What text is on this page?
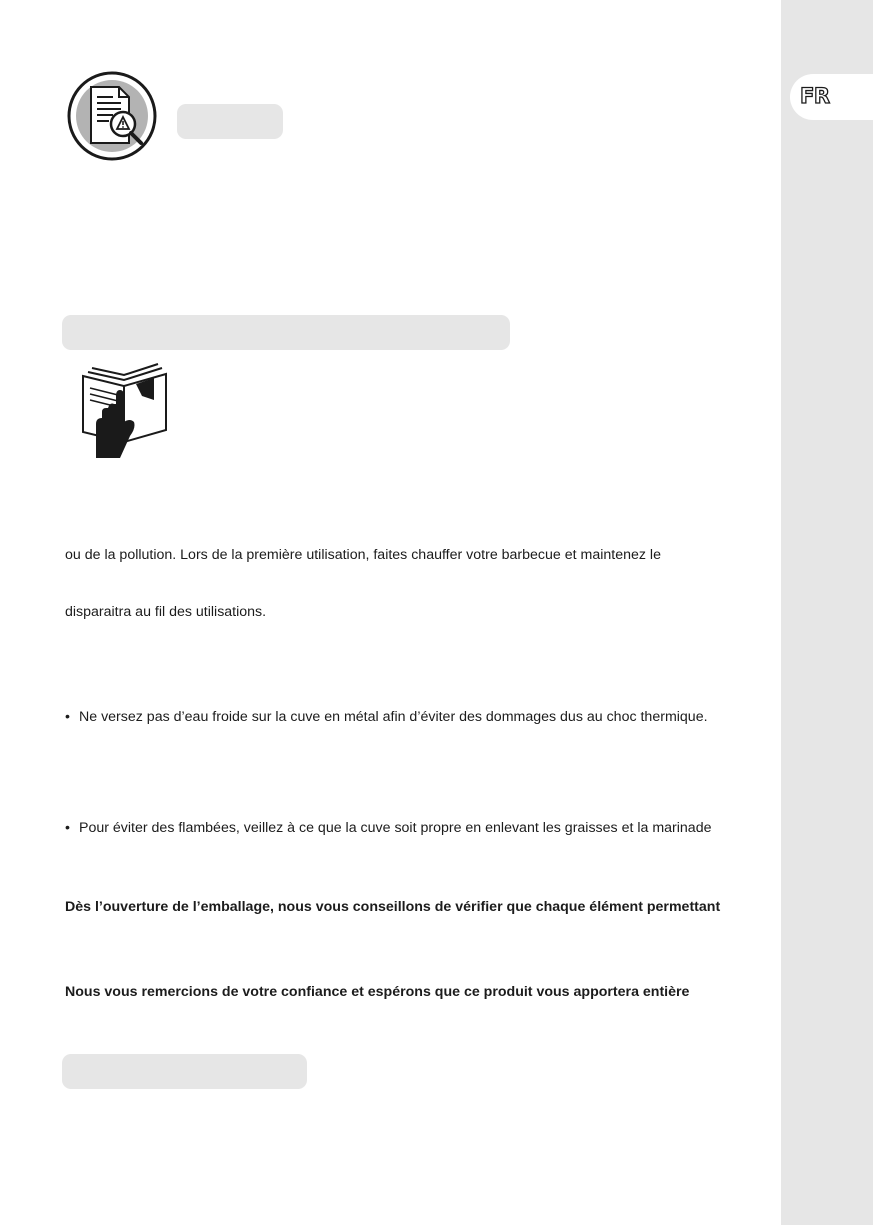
FR
ou de la pollution. Lors de la première utilisation, faites chauffer votre barbecue et maintenez le
disparaitra au fil des utilisations.
• Ne versez pas d’eau froide sur la cuve en métal afin d’éviter des dommages dus au choc thermique.
• Pour éviter des flambées, veillez à ce que la cuve soit propre en enlevant les graisses et la marinade
Dès l’ouverture de l’emballage, nous vous conseillons de vérifier que chaque élément permettant
Nous vous remercions de votre confiance et espérons que ce produit vous apportera entière
